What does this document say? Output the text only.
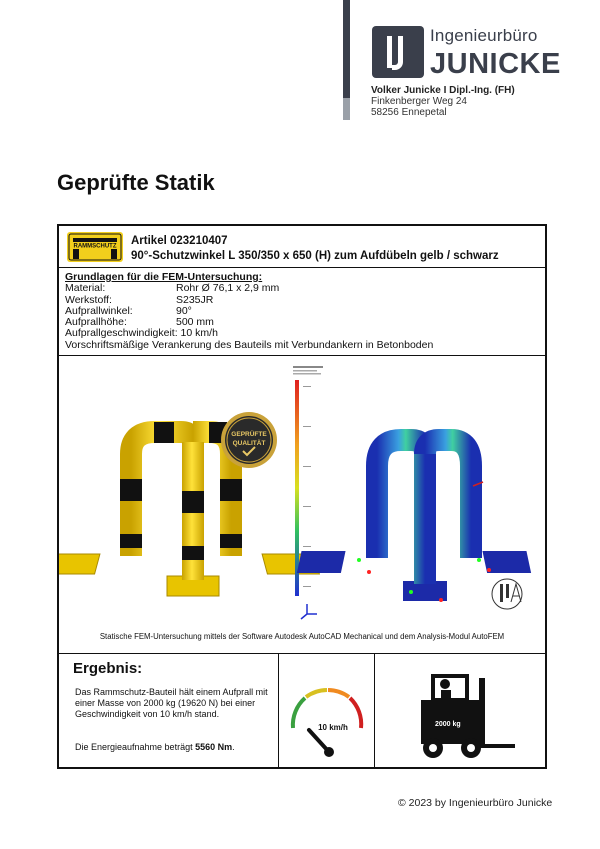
Ingenieurbüro
JUNICKE
Volker Junicke I Dipl.-Ing. (FH)
Finkenberger Weg 24
58256 Ennepetal
Geprüfte Statik
RAMMSCHUTZ Artikel 023210407
90°-Schutzwinkel L 350/350 x 650 (H) zum Aufdübeln gelb / schwarz
Grundlagen für die FEM-Untersuchung:
Material:	Rohr Ø 76,1 x 2,9 mm
Werkstoff:	S235JR
Aufprallwinkel:	90°
Aufprallhöhe:	500 mm
Aufprallgeschwindigkeit: 10 km/h
Vorschriftsmäßige Verankerung des Bauteils mit Verbundankern in Betonboden
GEPRÜFTE
QUALITÄT
Statische FEM-Untersuchung mittels der Software Autodesk AutoCAD Mechanical und dem Analysis-Modul AutoFEM
Ergebnis:
Das Rammschutz-Bauteil hält einem Aufprall mit einer Masse von 2000 kg (19620 N) bei einer Geschwindigkeit von 10 km/h stand.
Die Energieaufnahme beträgt 5560 Nm.
10 km/h	2000 kg
© 2023 by Ingenieurbüro Junicke
